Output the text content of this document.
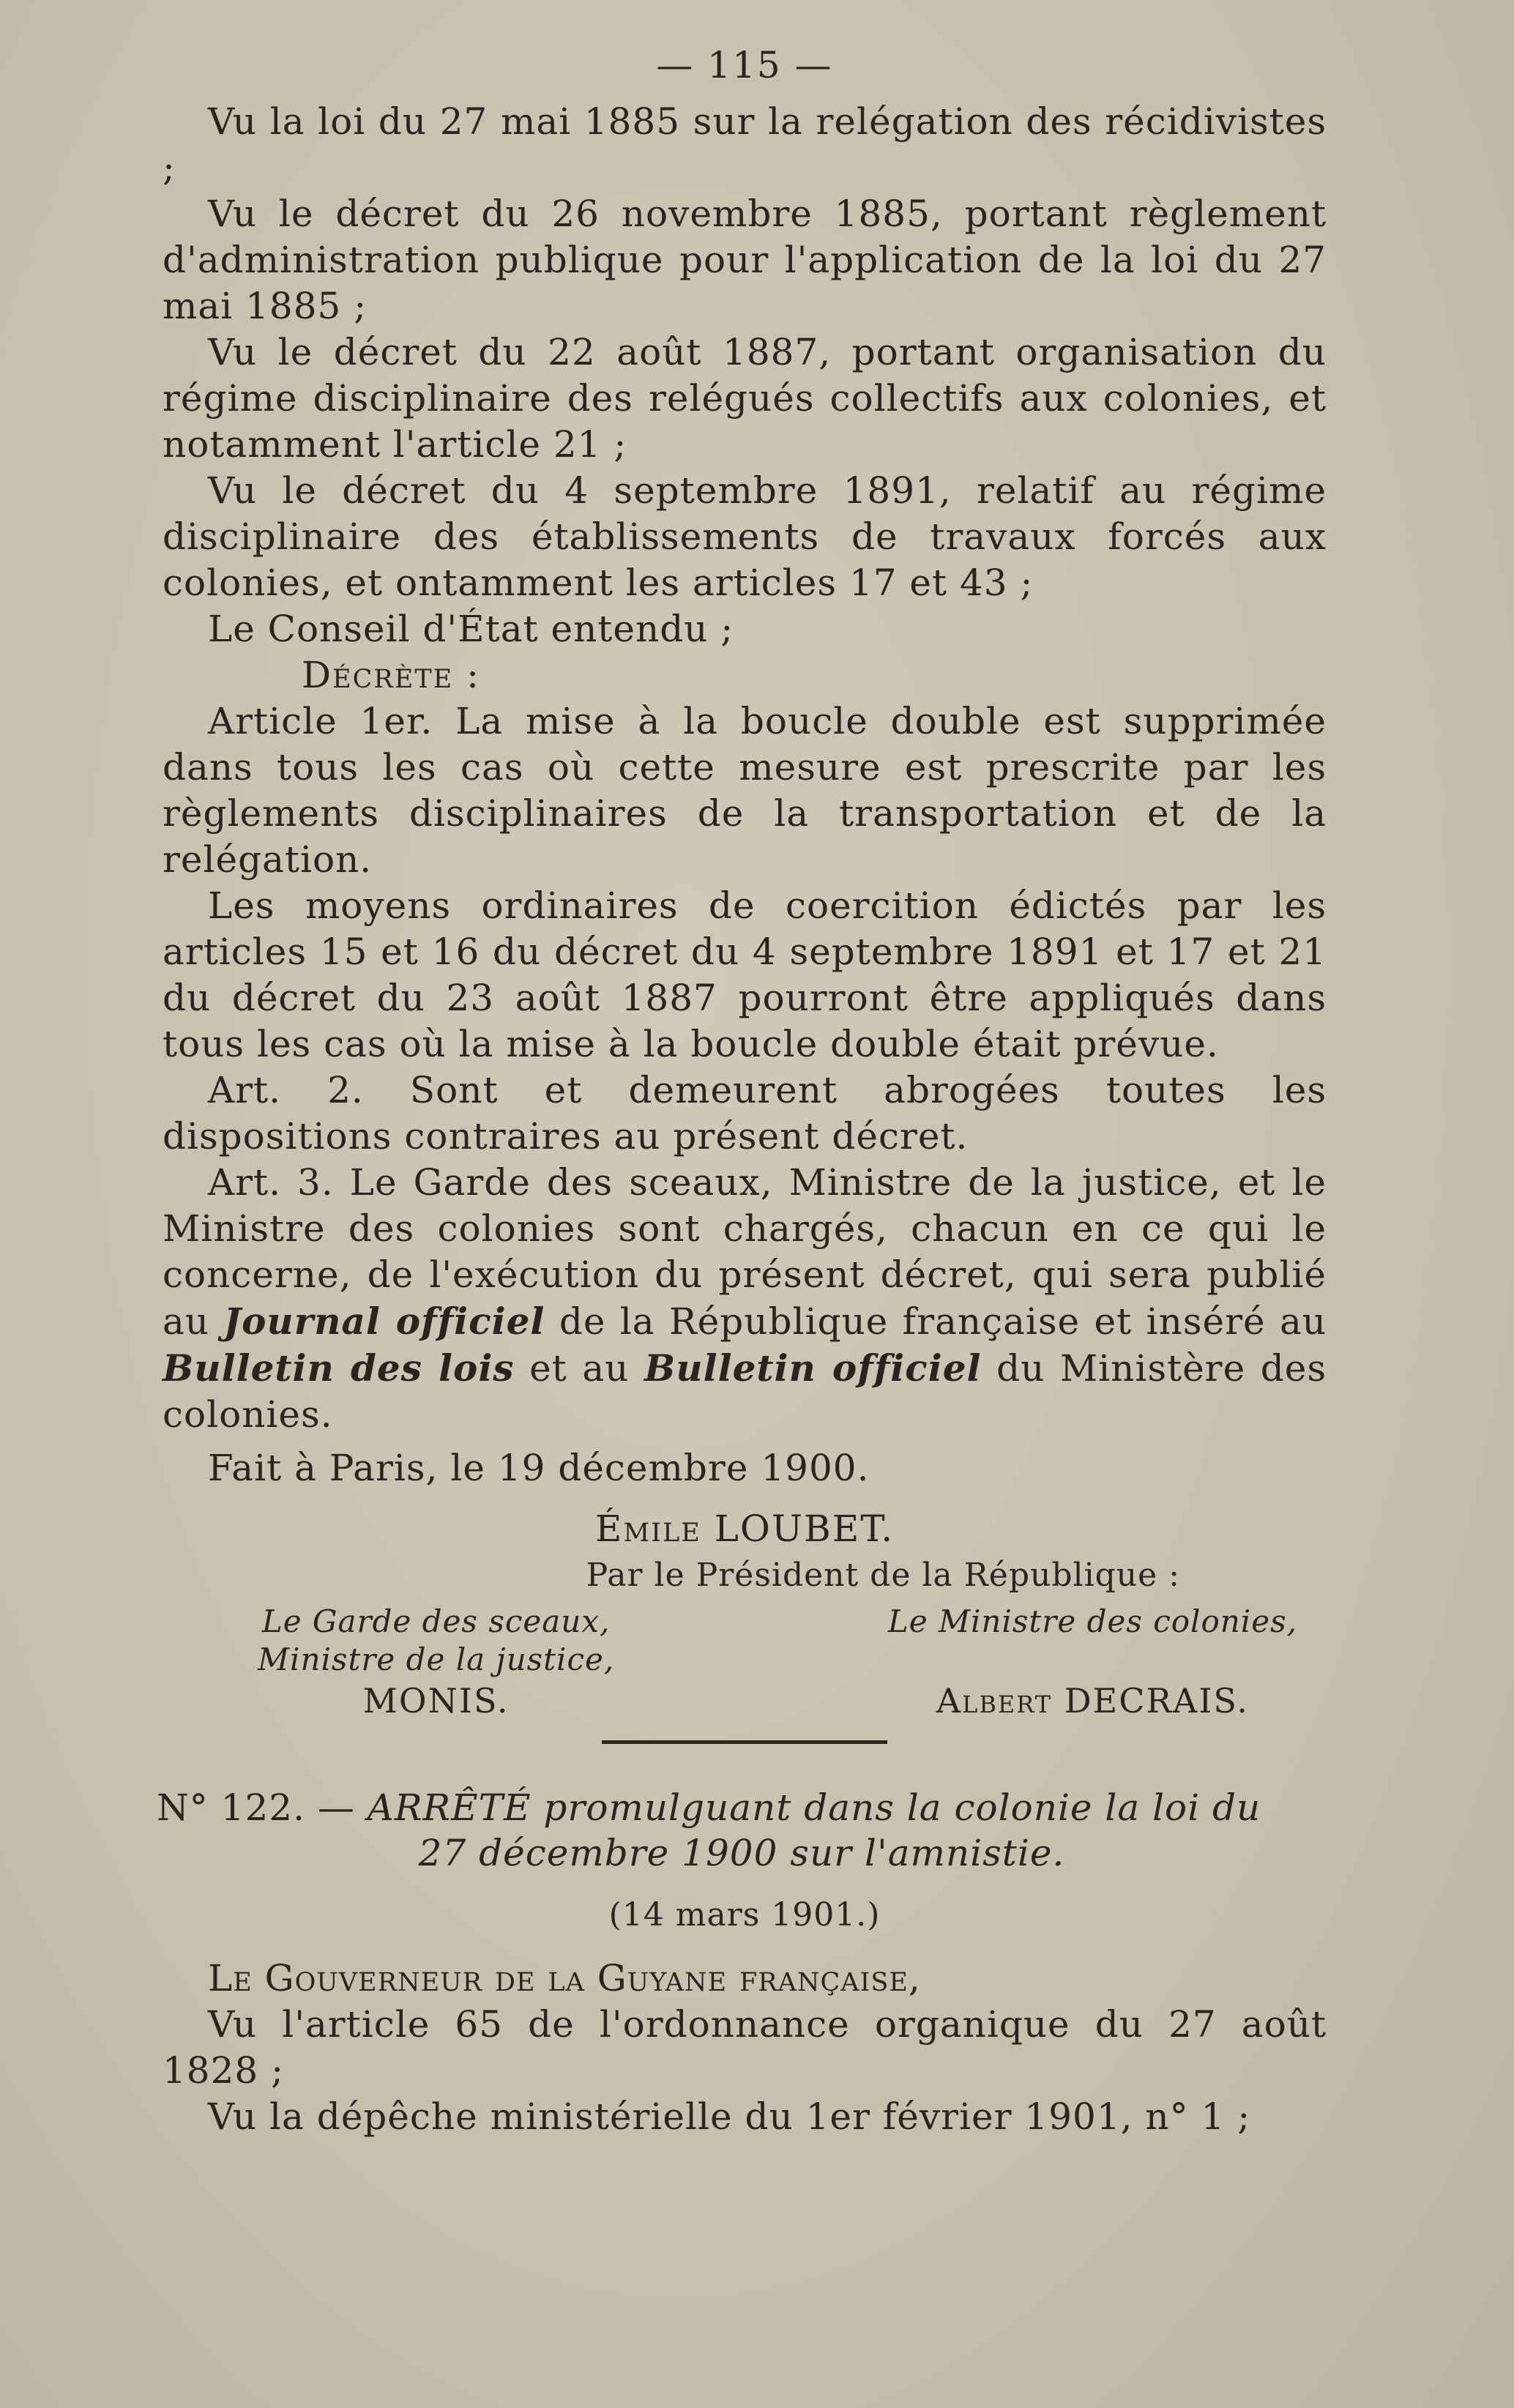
— 115 —

Vu la loi du 27 mai 1885 sur la relégation des récidivistes ;

Vu le décret du 26 novembre 1885, portant règlement d'administration publique pour l'application de la loi du 27 mai 1885 ;

Vu le décret du 22 août 1887, portant organisation du régime disciplinaire des relégués collectifs aux colonies, et notamment l'article 21 ;

Vu le décret du 4 septembre 1891, relatif au régime disciplinaire des établissements de travaux forcés aux colonies, et ontamment les articles 17 et 43 ;

Le Conseil d'État entendu ;

Décrète :

Article 1er. La mise à la boucle double est supprimée dans tous les cas où cette mesure est prescrite par les règlements disciplinaires de la transportation et de la relégation.

Les moyens ordinaires de coercition édictés par les articles 15 et 16 du décret du 4 septembre 1891 et 17 et 21 du décret du 23 août 1887 pourront être appliqués dans tous les cas où la mise à la boucle double était prévue.

Art. 2. Sont et demeurent abrogées toutes les dispositions contraires au présent décret.

Art. 3. Le Garde des sceaux, Ministre de la justice, et le Ministre des colonies sont chargés, chacun en ce qui le concerne, de l'exécution du présent décret, qui sera publié au Journal officiel de la République française et inséré au Bulletin des lois et au Bulletin officiel du Ministère des colonies.

Fait à Paris, le 19 décembre 1900.

Émile LOUBET.
Par le Président de la République :
Le Garde des sceaux,
Ministre de la justice,
MONIS.
Le Ministre des colonies,
Albert DECRAIS.

N° 122. — ARRÊTÉ promulguant dans la colonie la loi du
27 décembre 1900 sur l'amnistie.

(14 mars 1901.)

Le Gouverneur de la Guyane française,

Vu l'article 65 de l'ordonnance organique du 27 août 1828 ;

Vu la dépêche ministérielle du 1er février 1901, n° 1 ;
